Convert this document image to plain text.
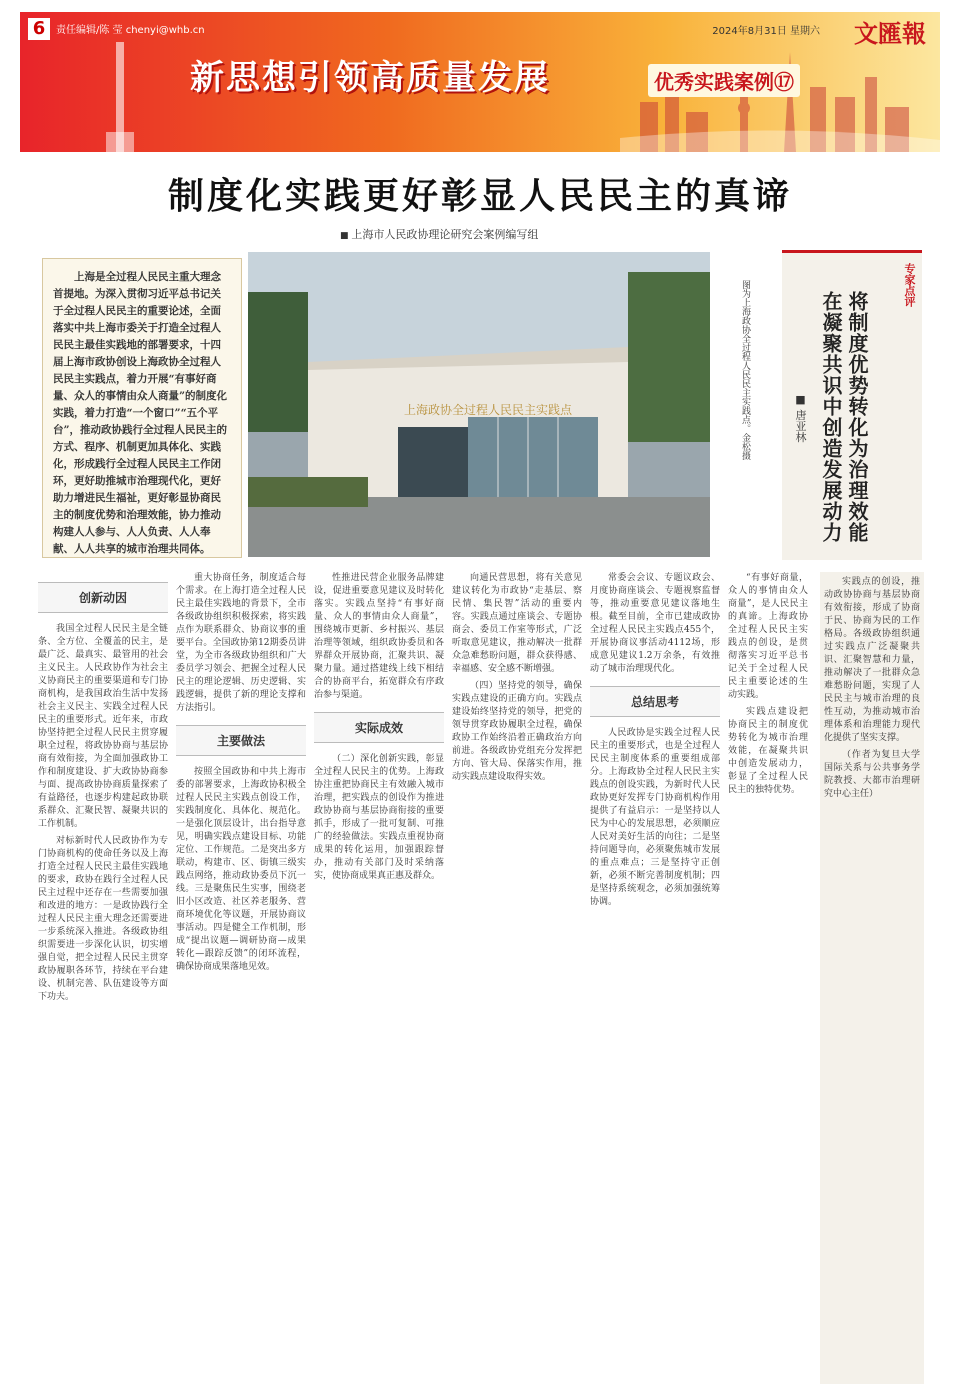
6	责任编辑/陈 莹 chenyi@whb.cn	2024年8月31日 星期六 文匯報
新思想引领高质量发展	优秀实践案例⑰
制度化实践更好彰显人民民主的真谛
■ 上海市人民政协理论研究会案例编写组
上海是全过程人民民主重大理念首提地。为深入贯彻习近平总书记关于全过程人民民主的重要论述，全面落实中共上海市委关于打造全过程人民民主最佳实践地的部署要求，十四届上海市政协创设上海政协全过程人民民主实践点，着力开展“有事好商量、众人的事情由众人商量”的制度化实践，着力打造“一个窗口”“五个平台”，推动政协践行全过程人民民主的方式、程序、机制更加具体化、实践化，形成践行全过程人民民主工作闭环，更好助推城市治理现代化，更好助力增进民生福祉，更好彰显协商民主的制度优势和治理效能，协力推动构建人人参与、人人负责、人人奉献、人人共享的城市治理共同体。
上海政协全过程人民民主实践点	图为上海政协全过程人民民主实践点。金松摄	专家点评
将制度优势转化为治理效能 在凝聚共识中创造发展动力
■ 唐亚林
创新动因
我国全过程人民民主是全链条、全方位、全覆盖的民主，是最广泛、最真实、最管用的社会主义民主。人民政协作为社会主义协商民主的重要渠道和专门协商机构，是我国政治生活中发扬社会主义民主、实践全过程人民民主的重要形式。近年来，市政协坚持把全过程人民民主贯穿履职全过程，将政协协商与基层协商有效衔接，为全面加强政协工作和制度建设、扩大政协协商参与面、提高政协协商质量探索了有益路径，也逐步构建起政协联系群众、汇聚民智、凝聚共识的工作机制。
对标新时代人民政协作为专门协商机构的使命任务以及上海打造全过程人民民主最佳实践地的要求，政协在践行全过程人民民主过程中还存在一些需要加强和改进的地方：一是政协践行全过程人民民主重大理念还需要进一步系统深入推进。各级政协组织需要进一步深化认识，切实增强自觉，把全过程人民民主贯穿政协履职各环节，持续在平台建设、机制完善、队伍建设等方面下功夫。
重大协商任务，制度适合每个需求。在上海打造全过程人民民主最佳实践地的背景下，全市各级政协组织积极探索，将实践点作为联系群众、协商议事的重要平台。全国政协第12期委员讲堂，为全市各级政协组织和广大委员学习领会、把握全过程人民民主的理论逻辑、历史逻辑、实践逻辑，提供了新的理论支撑和方法指引。
主要做法
按照全国政协和中共上海市委的部署要求，上海政协积极全过程人民民主实践点创设工作，实践制度化、具体化、规范化。一是强化顶层设计，出台指导意见，明确实践点建设目标、功能定位、工作规范。二是突出多方联动，构建市、区、街镇三级实践点网络，推动政协委员下沉一线。三是聚焦民生实事，围绕老旧小区改造、社区养老服务、营商环境优化等议题，开展协商议事活动。四是健全工作机制，形成“提出议题—调研协商—成果转化—跟踪反馈”的闭环流程，确保协商成果落地见效。
性推进民营企业服务品牌建设，促进重要意见建议及时转化落实。实践点坚持“有事好商量、众人的事情由众人商量”，围绕城市更新、乡村振兴、基层治理等领域，组织政协委员和各界群众开展协商，汇聚共识、凝聚力量。通过搭建线上线下相结合的协商平台，拓宽群众有序政治参与渠道。
实际成效
（二）深化创新实践，彰显全过程人民民主的优势。上海政协注重把协商民主有效融入城市治理，把实践点的创设作为推进政协协商与基层协商衔接的重要抓手，形成了一批可复制、可推广的经验做法。实践点重视协商成果的转化运用，加强跟踪督办，推动有关部门及时采纳落实，使协商成果真正惠及群众。
向通民营思想，将有关意见建议转化为市政协“走基层、察民情、集民智”活动的重要内容。实践点通过座谈会、专题协商会、委员工作室等形式，广泛听取意见建议，推动解决一批群众急难愁盼问题，群众获得感、幸福感、安全感不断增强。
（四）坚持党的领导，确保实践点建设的正确方向。实践点建设始终坚持党的领导，把党的领导贯穿政协履职全过程，确保政协工作始终沿着正确政治方向前进。各级政协党组充分发挥把方向、管大局、保落实作用，推动实践点建设取得实效。
常委会会议、专题议政会、月度协商座谈会、专题视察监督等，推动重要意见建议落地生根。截至目前，全市已建成政协全过程人民民主实践点455个，开展协商议事活动4112场，形成意见建议1.2万余条，有效推动了城市治理现代化。
总结思考
人民政协是实践全过程人民民主的重要形式，也是全过程人民民主制度体系的重要组成部分。上海政协全过程人民民主实践点的创设实践，为新时代人民政协更好发挥专门协商机构作用提供了有益启示：一是坚持以人民为中心的发展思想，必须顺应人民对美好生活的向往；二是坚持问题导向，必须聚焦城市发展的重点难点；三是坚持守正创新，必须不断完善制度机制；四是坚持系统观念，必须加强统筹协调。
“有事好商量，众人的事情由众人商量”，是人民民主的真谛。上海政协全过程人民民主实践点的创设，是贯彻落实习近平总书记关于全过程人民民主重要论述的生动实践。
实践点建设把协商民主的制度优势转化为城市治理效能，在凝聚共识中创造发展动力，彰显了全过程人民民主的独特优势。
实践点的创设，推动政协协商与基层协商有效衔接，形成了协商于民、协商为民的工作格局。各级政协组织通过实践点广泛凝聚共识、汇聚智慧和力量，推动解决了一批群众急难愁盼问题，实现了人民民主与城市治理的良性互动，为推动城市治理体系和治理能力现代化提供了坚实支撑。
（作者为复旦大学国际关系与公共事务学院教授、大都市治理研究中心主任）
